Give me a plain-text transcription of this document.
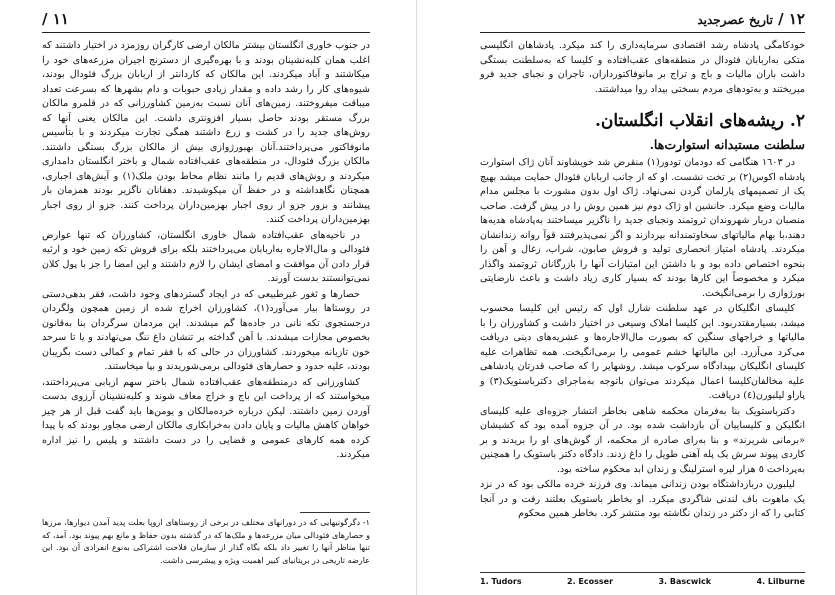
١١ /

در جنوب خاوری انگلستان بیشتر مالکان ارضی کارگران روزمزد در اختیار داشتند که اغلب همان کلبه‌نشینان بودند و با بهره‌گیری از دسترنج اجیران مزرعه‌های خود را میکاشتند و آباد میکردند. این مالکان که کاردانتر از اربابان بزرگ فئودال بودند، شیوه‌های کار را رشد داده و مقدار زیادی حبوبات و دام بشهرها که بسرعت تعداد میباقت میفروختند. زمین‌های آنان نسبت به‌زمین کشاورزانی که در قلمرو مالکان بزرگ مستقر بودند حاصل بسیار افزونتری داشت. این مالکان یعنی آنها که روش‌های جدید را در کشت و زرع داشتند همگی تجارت میکردند و با بتأسیس مانوفاکتور می‌پرداختند.آنان بهبورژوازی بیش از مالکان بزرگ بستگی داشتند. مالکان بزرگ فئودال، در منطقه‌های عقب‌افتاده شمال و باختر انگلستان دامداری میکردند و روش‌های قدیم را مانند نظام محاط بودن ملک(١) و آیش‌های اجباری، همچنان نگاهداشته و در حفظ آن میکوشیدند. دهقانان ناگزیر بودند همزمان بار پیشانند و بزور جزو از روی اجبار بهزمین‌داران پرداخت کنند. جزو از روی اجبار بهزمین‌داران پرداخت کنند.

در ناحیه‌های عقب‌افتاده شمال خاوری انگلستان، کشاورزان که تنها عوارض فئودالی و مال‌الاجاره به‌اربابان می‌پرداختند بلکه برای فروش تکه زمین خود و ارثیه قرار دادن آن موافقت و امضای ایشان را لازم داشتند و این امضا را جز با پول کلان نمی‌توانستند بدست آورند.

حصارها و ثغور غیرطبیعی که در ایجاد گستردهای وجود داشت، فقر بدهی‌دستی در روستاها بیار می‌آورد(١)، کشاورزان اخراج شده از زمین همچون ولگردان درجستجوی تکه نانی در جاده‌ها گم میشدند. این مردمان سرگردان بنا به‌قانون بخصوص مجازات میشدند. با آهن گداخته بر تنشان داغ ننگ می‌نهادند و یا تا سرحد خون تازیانه میخوردند. کشاورزان در حالی که با فقر تمام و کمالی دست بگریبان بودند، علیه حدود و حصارهای فئودالی برمی‌شوریدند و بپا میخاستند.

کشاورزانی که درمنطقه‌های عقب‌افتاده شمال باختر سهم اربابی می‌پرداختند، میخواستند که از پرداخت این باج و خراج معاف شوند و کلبه‌نشینان آرزوی بدست آوردن زمین داشتند. لیکن درباره خرده‌مالکان و یومن‌ها باید گفت قبل از هر چیز خواهان کاهش مالیات و پایان دادن به‌خرابکاری مالکان ارضی مجاور بودند که با پیدا کرده همه کارهای عمومی و قضایی را در دست داشتند و پلیس را نیز اداره میکردند.

١- دگرگونیهایی که در دورانهای مختلف در برخی از روستاهای اروپا بعلت پدید آمدن دیوارها، مرزها و حصارهای فئودالی میان مزرعه‌ها و ملک‌ها که در گذشته بدون حفاظ و مانع بهم پیوند بود. آمد، که تنها مناظر آنها را تغییر داد بلکه بگاه گذار از سازمان فلاحت اشتراکی به‌نوع انفرادی آن بود. این عارضه تاریخی در بریتانیای کبیر اهمیت ویژه و پیشرسی داشت.

١٢ / تاریخ عصرجدید

خودکامگی پادشاه رشد اقتصادی سرمایه‌داری را کند میکرد. پادشاهان انگلیسی متکی به‌اربابان فئودال در منطقه‌های عقب‌افتاده و کلیسا که به‌سلطنت بستگی داشت باران مالیات و باج و تراج بر مانوفاکتورداران، تاجران و نجبای جدید فرو میریختند و به‌تودهای مردم بسختی بیداد روا میداشتند.

٢. ریشه‌های انقلاب انگلستان.
سلطنت مستبدانه استوارت‌ها.

در ١٦٠٣ هنگامی که دودمان تودور(١) منقرض شد خویشاوند آنان ژاک استوارت پادشاه اکوس(٢) بر تخت نشست. او که از جانب اربابان فئودال حمایت میشد بهیچ یک از تصمیمهای پارلمان گردن نمی‌نهاد. ژاک اول بدون مشورت با مجلس مدام مالیات وضع میکرد. جانشین او ژاک دوم نیز همین روش را در پیش گرفت. صاحب منصبان دربار شهروندان ثروتمند ونجبای جدید را ناگزیر میساختند به‌پادشاه هدیه‌ها دهند،با بهام مالیاتهای سخاوتمندانه بپردازند و اگر نمی‌پذیرفتند قوآ روانه زندانشان میکردند. پادشاه امتیاز انحصاری تولید و فروش صابون، شراب، زغال و آهن را بنحوه اختصاص داده بود و با داشتن این امتیازات آنها را بازرگانان ثروتمند واگذار میکرد و مخصوصاً این کارها بودند که بسیار کاری زیاد داشت و باعث نارضایتی بورژوازی را برمی‌انگیخت.

کلیسای انگلیکان در عهد سلطنت شارل اول که رئیس این کلیسا محسوب میشد، بسیارمقتدربود. این کلیسا املاک وسیعی در اختیار داشت و کشاورزان را با مالیاتها و خراجهای سنگین که بصورت مال‌الاجاره‌ها و عشریه‌های دینی دریافت می‌کرد می‌آزرد. این مالیاتها خشم عمومی را برمی‌انگیخت. همه تظاهرات علیه کلیسای انگلیکان بپیدادگاه سرکوب میشد. روشهایر را که صاحب قدرتان پادشاهی علیه مخالفان‌کلیسا اعمال میکردند می‌توان باتوجه به‌ماجرای دکترباستویک(٣) و پاراو لیلبورن(٤) دریافت.

دکترباستویک بنا به‌فرمان محکمه شاهی بخاطر انتشار جزوه‌ای علیه کلیسای انگلیکن و کلیساییان آن بازداشت شده بود. در آن جزوه آمده بود که کشیشان «برمانی شریرند» و بنا به‌رای صادره از محکمه، از گوش‌های او را بریدند و بر کاردی پیوند سرش یک پله آهنی طویل را داغ زدند. دادگاه دکتر باستوبک را همچنین به‌پرداخت ٥ هزار لیره استرلینگ و زندان ابد محکوم ساخته بود.

لیلبورن دربازداشتگاه بودن زندانی میماند. وی فرزند خرده مالکی بود که در نزد یک ماهوت باف لندنی شاگردی میکرد. او بخاطر باستویک بعلتند رفت و در آنجا کتابی را که از دکتر در زندان نگاشته بود منتشر کرد. بخاطر همین محکوم

1. Tudors	2. Ecosser	3. Bascwick	4. Lilburne
